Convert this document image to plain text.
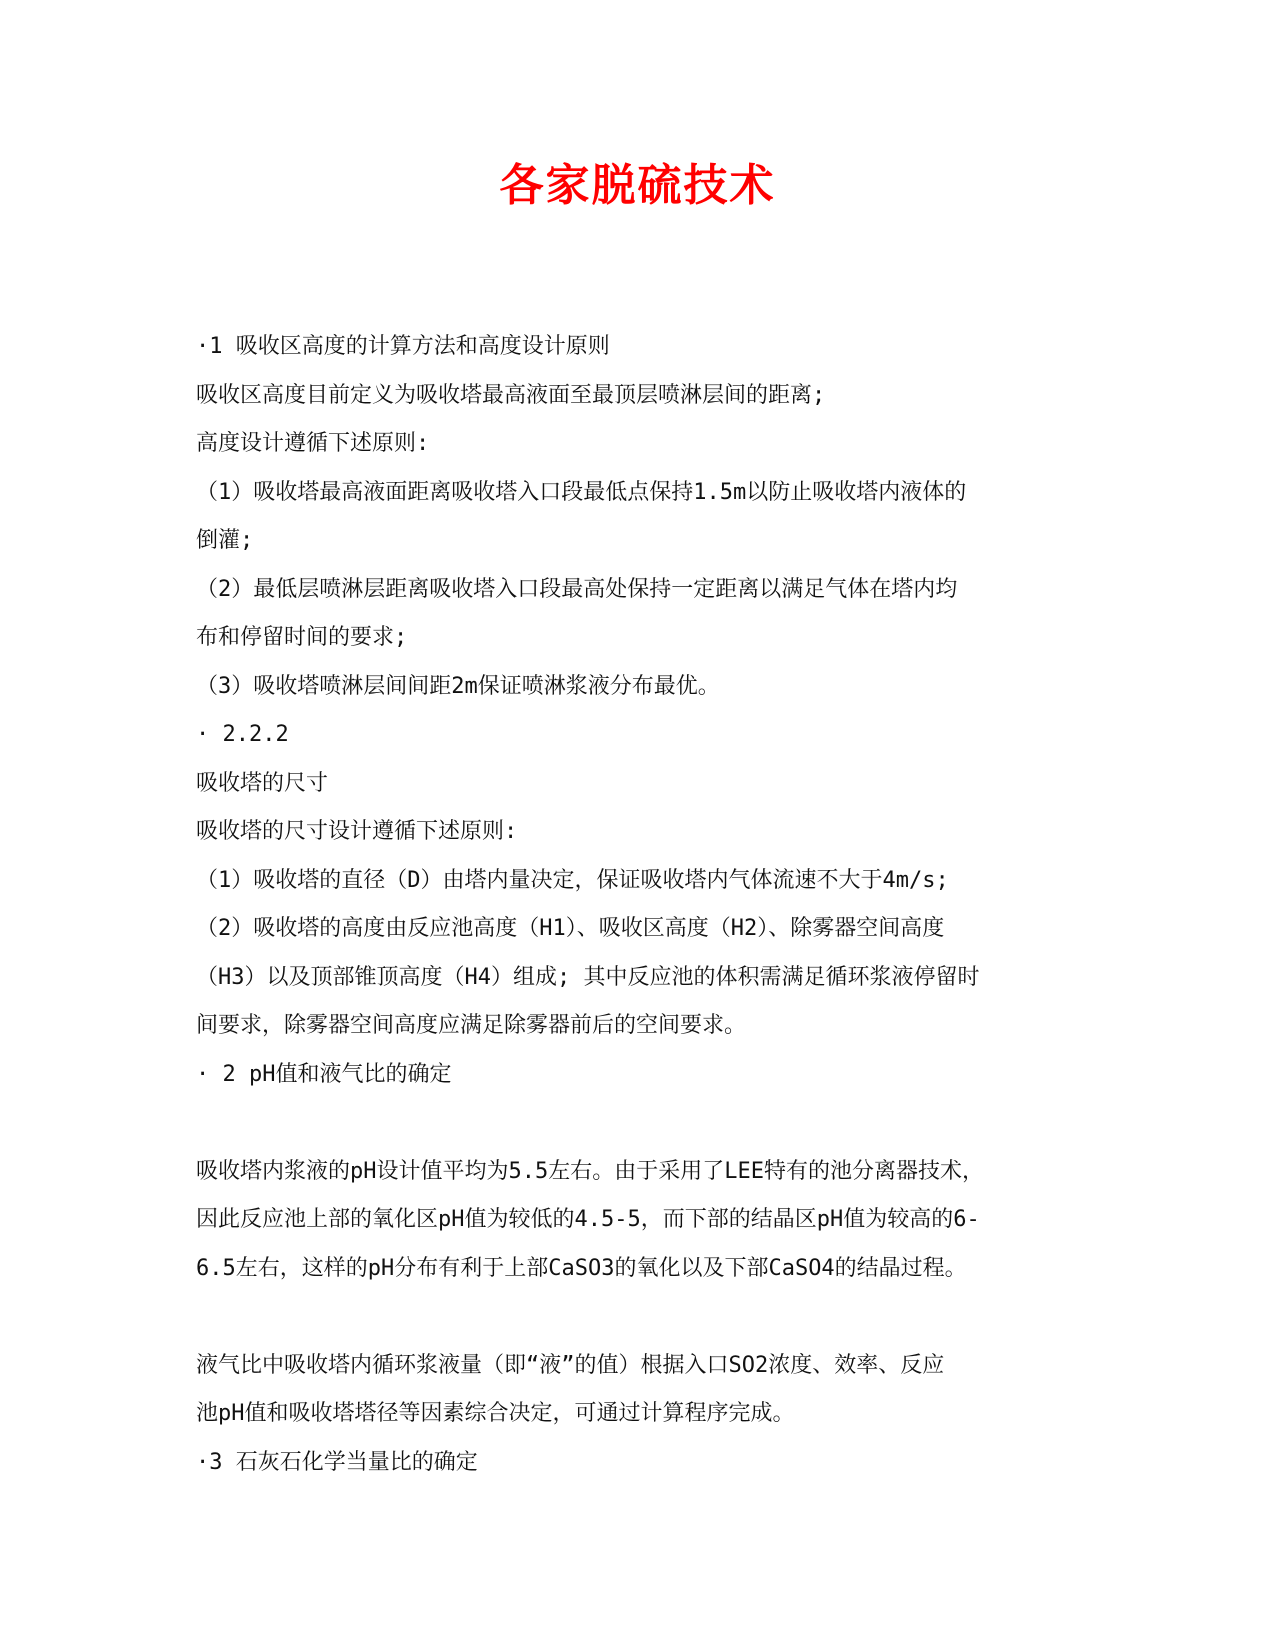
各家脱硫技术

·1 吸收区高度的计算方法和高度设计原则

吸收区高度目前定义为吸收塔最高液面至最顶层喷淋层间的距离;

高度设计遵循下述原则:

（1）吸收塔最高液面距离吸收塔入口段最低点保持1.5m以防止吸收塔内液体的

倒灌;

（2）最低层喷淋层距离吸收塔入口段最高处保持一定距离以满足气体在塔内均

布和停留时间的要求;

（3）吸收塔喷淋层间间距2m保证喷淋浆液分布最优。

· 2.2.2

吸收塔的尺寸

吸收塔的尺寸设计遵循下述原则:

（1）吸收塔的直径（D）由塔内量决定，保证吸收塔内气体流速不大于4m/s;

（2）吸收塔的高度由反应池高度（H1）、吸收区高度（H2）、除雾器空间高度

（H3）以及顶部锥顶高度（H4）组成; 其中反应池的体积需满足循环浆液停留时

间要求，除雾器空间高度应满足除雾器前后的空间要求。

· 2 pH值和液气比的确定

吸收塔内浆液的pH设计值平均为5.5左右。由于采用了LEE特有的池分离器技术，

因此反应池上部的氧化区pH值为较低的4.5-5，而下部的结晶区pH值为较高的6-

6.5左右，这样的pH分布有利于上部CaSO3的氧化以及下部CaSO4的结晶过程。

液气比中吸收塔内循环浆液量（即“液”的值）根据入口SO2浓度、效率、反应

池pH值和吸收塔塔径等因素综合决定，可通过计算程序完成。

·3 石灰石化学当量比的确定
